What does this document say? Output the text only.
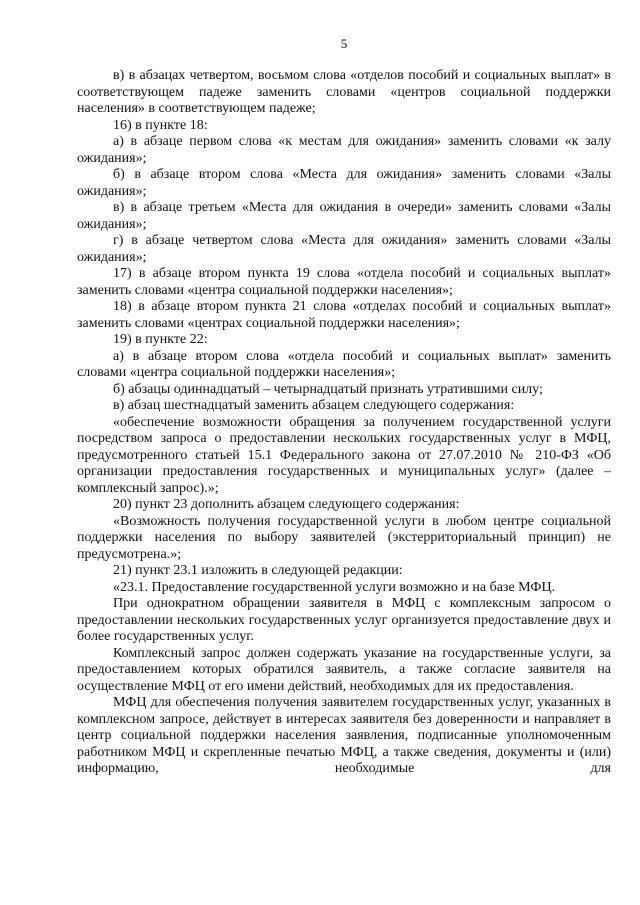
5

в) в абзацах четвертом, восьмом слова «отделов пособий и социальных выплат» в соответствующем падеже заменить словами «центров социальной поддержки населения» в соответствующем падеже;

16) в пункте 18:

а) в абзаце первом слова «к местам для ожидания» заменить словами «к залу ожидания»;

б) в абзаце втором слова «Места для ожидания» заменить словами «Залы ожидания»;

в) в абзаце третьем «Места для ожидания в очереди» заменить словами «Залы ожидания»;

г) в абзаце четвертом слова «Места для ожидания» заменить словами «Залы ожидания»;

17) в абзаце втором пункта 19 слова «отдела пособий и социальных выплат» заменить словами «центра социальной поддержки населения»;

18) в абзаце втором пункта 21 слова «отделах пособий и социальных выплат» заменить словами «центрах социальной поддержки населения»;

19) в пункте 22:

а) в абзаце втором слова «отдела пособий и социальных выплат» заменить словами «центра социальной поддержки населения»;

б) абзацы одиннадцатый – четырнадцатый признать утратившими силу;

в) абзац шестнадцатый заменить абзацем следующего содержания:

«обеспечение возможности обращения за получением государственной услуги посредством запроса о предоставлении нескольких государственных услуг в МФЦ, предусмотренного статьей 15.1 Федерального закона от 27.07.2010 № 210-ФЗ «Об организации предоставления государственных и муниципальных услуг» (далее – комплексный запрос).»;

20) пункт 23 дополнить абзацем следующего содержания:

«Возможность получения государственной услуги в любом центре социальной поддержки населения по выбору заявителей (экстерриториальный принцип) не предусмотрена.»;

21) пункт 23.1 изложить в следующей редакции:

«23.1. Предоставление государственной услуги возможно и на базе МФЦ.

При однократном обращении заявителя в МФЦ с комплексным запросом о предоставлении нескольких государственных услуг организуется предоставление двух и более государственных услуг.

Комплексный запрос должен содержать указание на государственные услуги, за предоставлением которых обратился заявитель, а также согласие заявителя на осуществление МФЦ от его имени действий, необходимых для их предоставления.

МФЦ для обеспечения получения заявителем государственных услуг, указанных в комплексном запросе, действует в интересах заявителя без доверенности и направляет в центр социальной поддержки населения заявления, подписанные уполномоченным работником МФЦ и скрепленные печатью МФЦ, а также сведения, документы и (или) информацию, необходимые для
